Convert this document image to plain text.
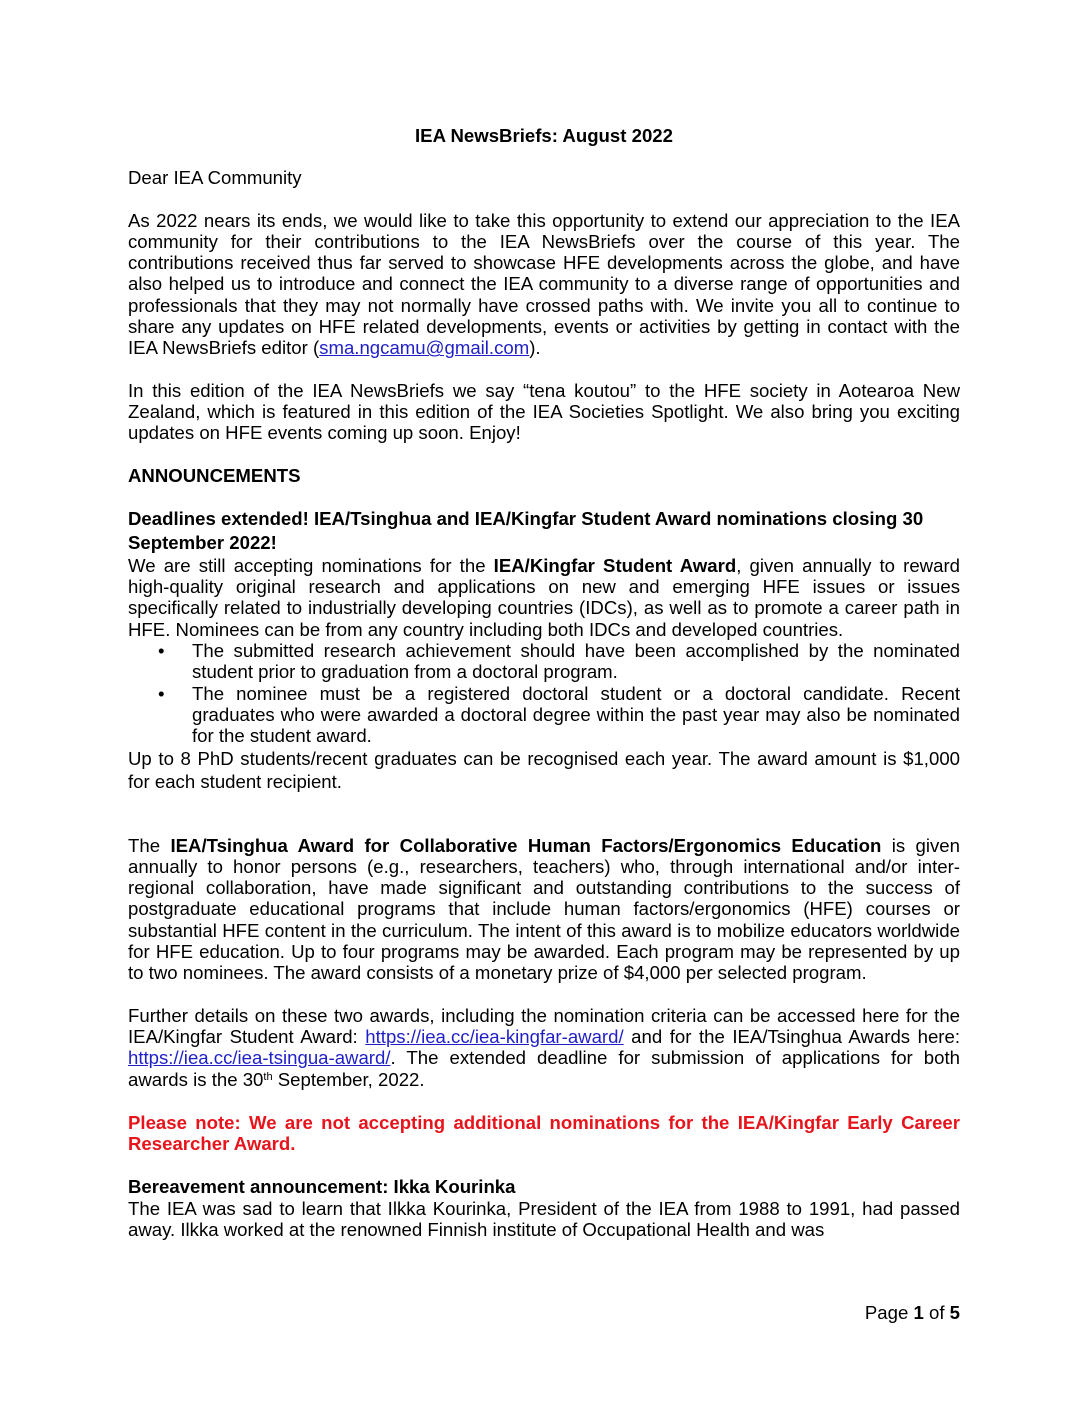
IEA NewsBriefs: August 2022

Dear IEA Community

As 2022 nears its ends, we would like to take this opportunity to extend our appreciation to the IEA community for their contributions to the IEA NewsBriefs over the course of this year. The contributions received thus far served to showcase HFE developments across the globe, and have also helped us to introduce and connect the IEA community to a diverse range of opportunities and professionals that they may not normally have crossed paths with. We invite you all to continue to share any updates on HFE related developments, events or activities by getting in contact with the IEA NewsBriefs editor (sma.ngcamu@gmail.com).

In this edition of the IEA NewsBriefs we say “tena koutou” to the HFE society in Aotearoa New Zealand, which is featured in this edition of the IEA Societies Spotlight. We also bring you exciting updates on HFE events coming up soon. Enjoy!

ANNOUNCEMENTS

Deadlines extended! IEA/Tsinghua and IEA/Kingfar Student Award nominations closing 30 September 2022!

We are still accepting nominations for the IEA/Kingfar Student Award, given annually to reward high-quality original research and applications on new and emerging HFE issues or issues specifically related to industrially developing countries (IDCs), as well as to promote a career path in HFE. Nominees can be from any country including both IDCs and developed countries.

• The submitted research achievement should have been accomplished by the nominated student prior to graduation from a doctoral program.
• The nominee must be a registered doctoral student or a doctoral candidate. Recent graduates who were awarded a doctoral degree within the past year may also be nominated for the student award.

Up to 8 PhD students/recent graduates can be recognised each year. The award amount is $1,000 for each student recipient.

The IEA/Tsinghua Award for Collaborative Human Factors/Ergonomics Education is given annually to honor persons (e.g., researchers, teachers) who, through international and/or inter-regional collaboration, have made significant and outstanding contributions to the success of postgraduate educational programs that include human factors/ergonomics (HFE) courses or substantial HFE content in the curriculum. The intent of this award is to mobilize educators worldwide for HFE education. Up to four programs may be awarded. Each program may be represented by up to two nominees. The award consists of a monetary prize of $4,000 per selected program.

Further details on these two awards, including the nomination criteria can be accessed here for the IEA/Kingfar Student Award: https://iea.cc/iea-kingfar-award/ and for the IEA/Tsinghua Awards here: https://iea.cc/iea-tsingua-award/. The extended deadline for submission of applications for both awards is the 30th September, 2022.

Please note: We are not accepting additional nominations for the IEA/Kingfar Early Career Researcher Award.

Bereavement announcement: Ikka Kourinka

The IEA was sad to learn that Ilkka Kourinka, President of the IEA from 1988 to 1991, had passed away. Ilkka worked at the renowned Finnish institute of Occupational Health and was

Page 1 of 5
